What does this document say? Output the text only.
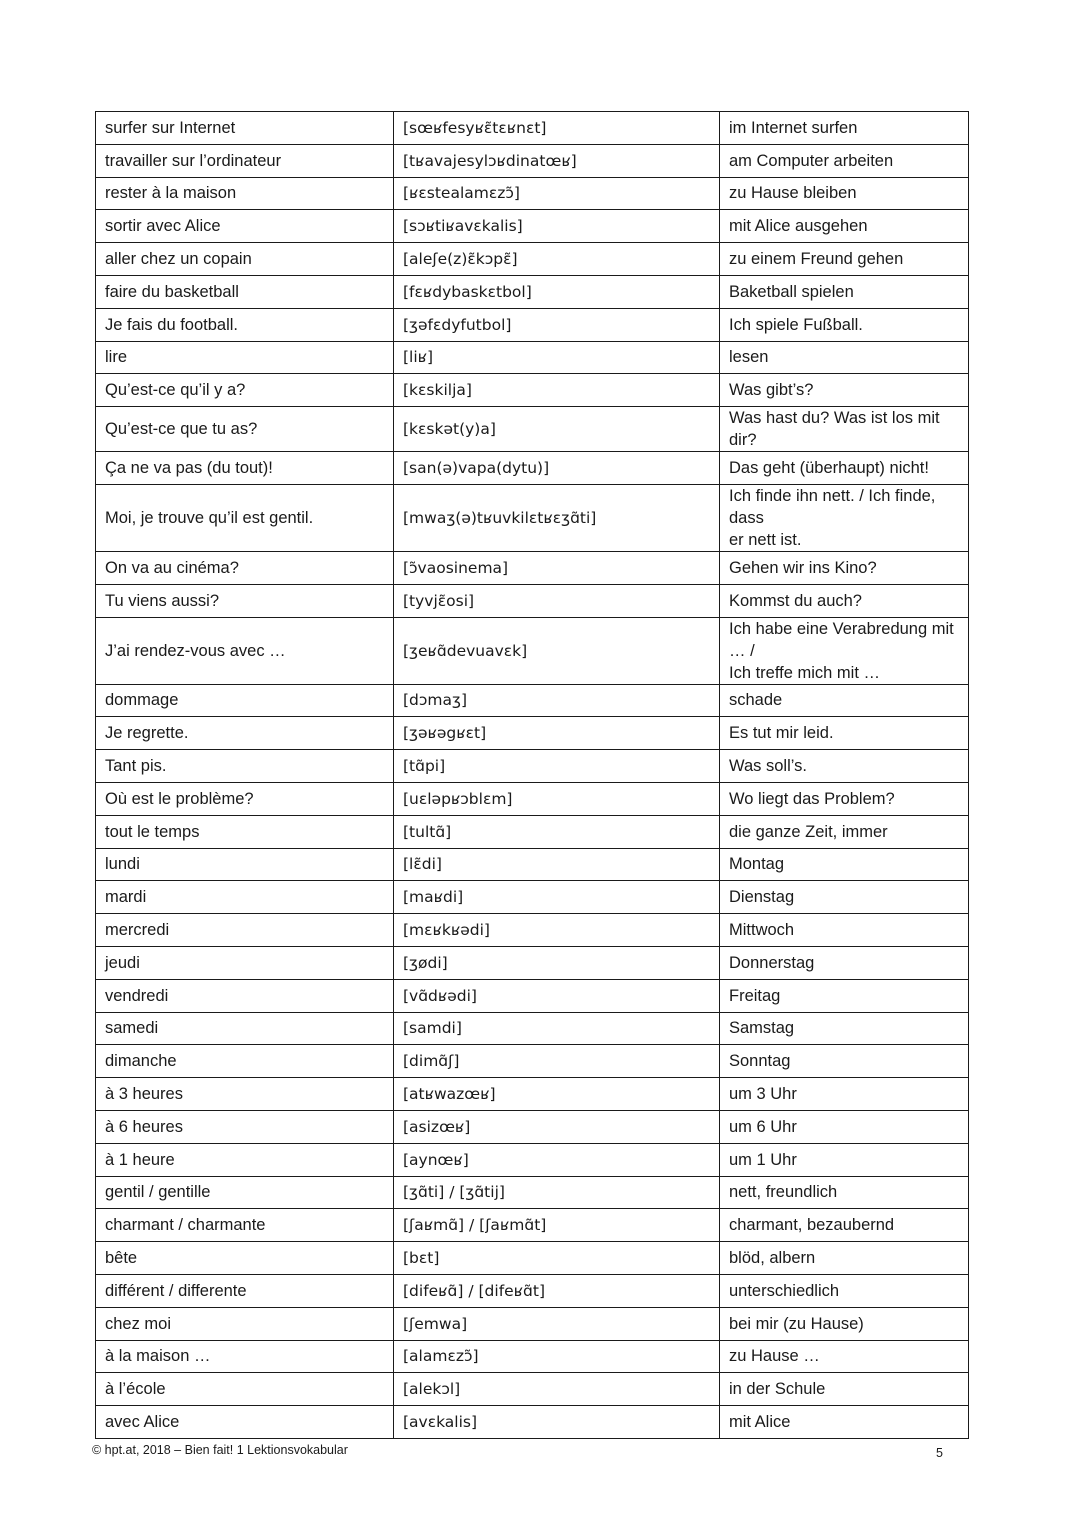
surfer sur Internet	[sœʁfesyʁɛ̃tɛʁnɛt]	im Internet surfen
travailler sur l’ordinateur	[tʁavajesylɔʁdinatœʁ]	am Computer arbeiten
rester à la maison	[ʁɛstealamɛzɔ̃]	zu Hause bleiben
sortir avec Alice	[sɔʁtiʁavɛkalis]	mit Alice ausgehen
aller chez un copain	[aleʃe(z)ɛ̃kɔpɛ̃]	zu einem Freund gehen
faire du basketball	[fɛʁdybaskɛtbol]	Baketball spielen
Je fais du football.	[ʒəfɛdyfutbol]	Ich spiele Fußball.
lire	[liʁ]	lesen
Qu’est-ce qu’il y a?	[kɛskilja]	Was gibt’s?
Qu’est-ce que tu as?	[kɛskət(y)a]	Was hast du? Was ist los mit dir?
Ça ne va pas (du tout)!	[san(ə)vapa(dytu)]	Das geht (überhaupt) nicht!
Moi, je trouve qu’il est gentil.	[mwaʒ(ə)tʁuvkilɛtʁɛʒɑ̃ti]	Ich finde ihn nett. / Ich finde, dass
er nett ist.
On va au cinéma?	[ɔ̃vaosinema]	Gehen wir ins Kino?
Tu viens aussi?	[tyvjɛ̃osi]	Kommst du auch?
J’ai rendez-vous avec …	[ʒeʁɑ̃devuavɛk]	Ich habe eine Verabredung mit … /
Ich treffe mich mit …
dommage	[dɔmaʒ]	schade
Je regrette.	[ʒəʁəgʁɛt]	Es tut mir leid.
Tant pis.	[tɑ̃pi]	Was soll’s.
Où est le problème?	[uɛləpʁɔblɛm]	Wo liegt das Problem?
tout le temps	[tultɑ̃]	die ganze Zeit, immer
lundi	[lɛ̃di]	Montag
mardi	[maʁdi]	Dienstag
mercredi	[mɛʁkʁədi]	Mittwoch
jeudi	[ʒødi]	Donnerstag
vendredi	[vɑ̃dʁədi]	Freitag
samedi	[samdi]	Samstag
dimanche	[dimɑ̃ʃ]	Sonntag
à 3 heures	[atʁwazœʁ]	um 3 Uhr
à 6 heures	[asizœʁ]	um 6 Uhr
à 1 heure	[aynœʁ]	um 1 Uhr
gentil / gentille	[ʒɑ̃ti] / [ʒɑ̃tij]	nett, freundlich
charmant / charmante	[ʃaʁmɑ̃] / [ʃaʁmɑ̃t]	charmant, bezaubernd
bête	[bɛt]	blöd, albern
différent / differente	[difeʁɑ̃] / [difeʁɑ̃t]	unterschiedlich
chez moi	[ʃemwa]	bei mir (zu Hause)
à la maison …	[alamɛzɔ̃]	zu Hause …
à l’école	[alekɔl]	in der Schule
avec Alice	[avɛkalis]	mit Alice
© hpt.at, 2018 – Bien fait! 1 Lektionsvokabular	5
